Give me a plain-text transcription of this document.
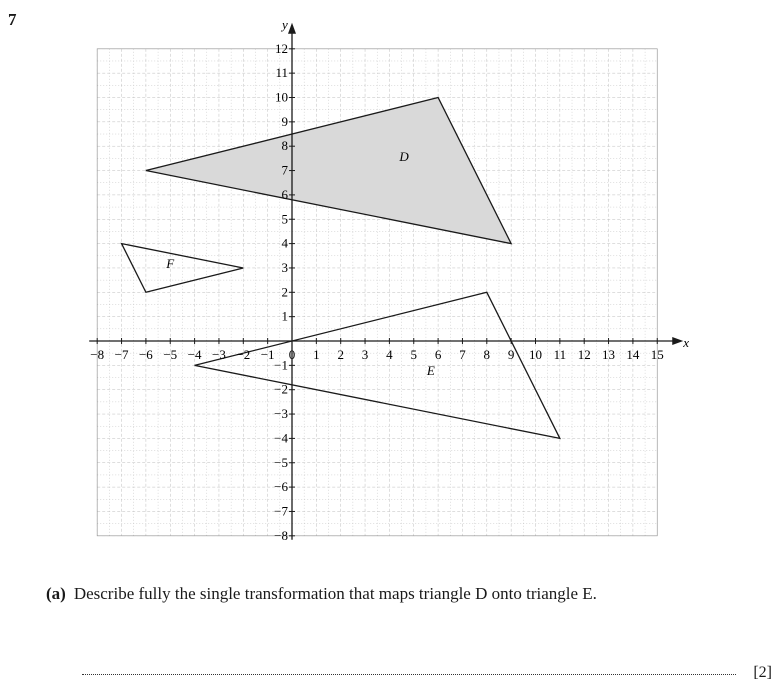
7
x
y
−8 −7 −6 −5 −4 −3 −2 −1 0 1 2 3 4 5 6 7 8 9 10 11 12 13 14 15
−8
−7
−6
−5
−4
−3
−2
−1
1
2
3
4
5
6
7
8
9
10
11
12
D
E
F
(a) Describe fully the single transformation that maps triangle D onto triangle E.
[2]
